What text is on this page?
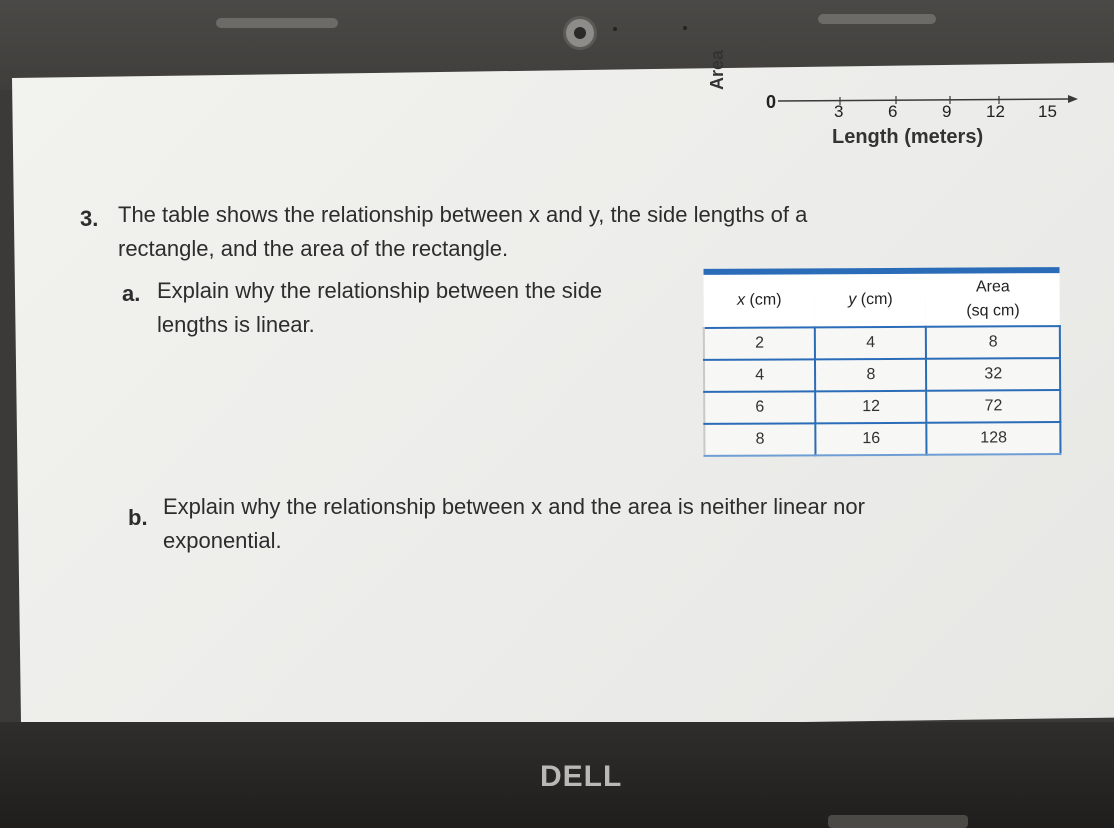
Area
0	3	6	9 12 15
Length (meters)
3. The table shows the relationship between x and y, the side lengths of a rectangle, and the area of the rectangle.
a. Explain why the relationship between the side lengths is linear.
x (cm)	y (cm)	Area
(sq cm)

2	4	8
4	8	32
6	12	72
8	16	128
b. Explain why the relationship between x and the area is neither linear nor exponential.
DELL
